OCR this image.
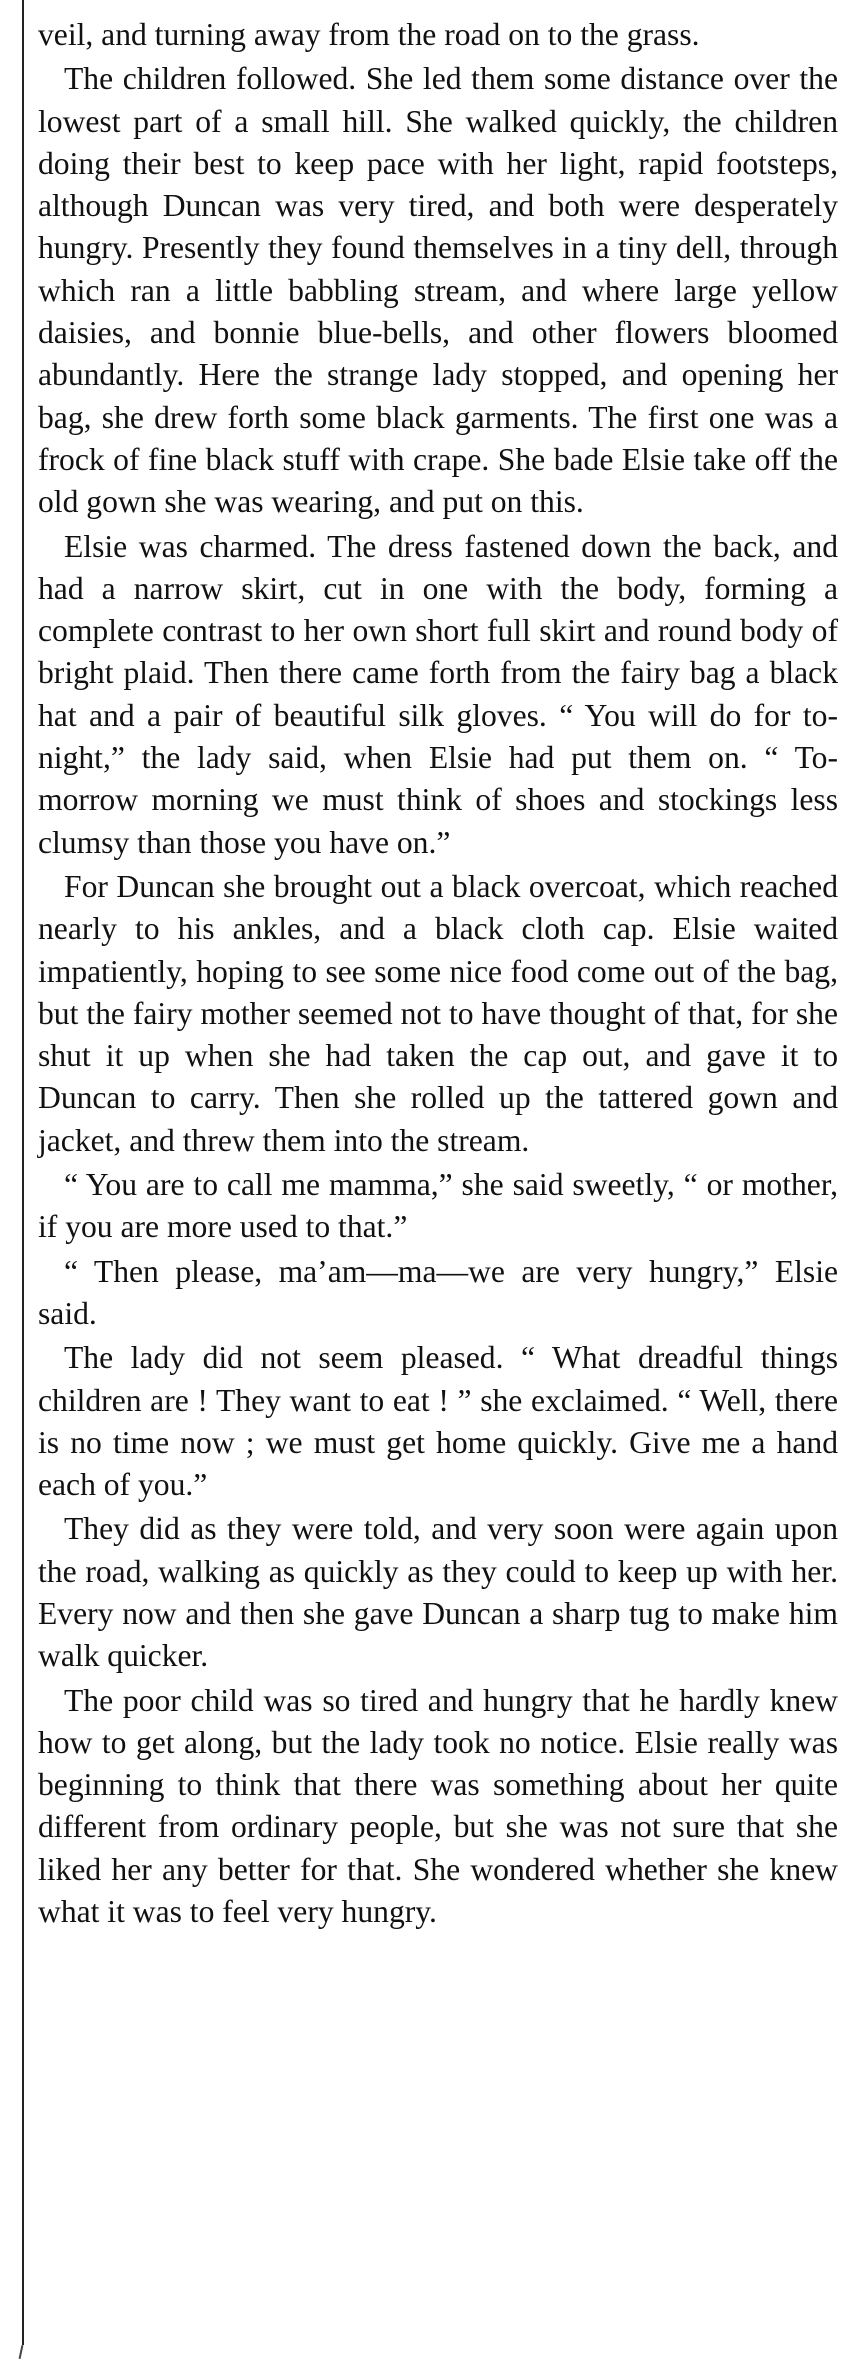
veil, and turning away from the road on to the grass.

The children followed. She led them some distance over the lowest part of a small hill. She walked quickly, the children doing their best to keep pace with her light, rapid footsteps, although Duncan was very tired, and both were desperately hungry. Presently they found themselves in a tiny dell, through which ran a little babbling stream, and where large yellow daisies, and bonnie blue-bells, and other flowers bloomed abundantly. Here the strange lady stopped, and opening her bag, she drew forth some black garments. The first one was a frock of fine black stuff with crape. She bade Elsie take off the old gown she was wearing, and put on this.

Elsie was charmed. The dress fastened down the back, and had a narrow skirt, cut in one with the body, forming a complete contrast to her own short full skirt and round body of bright plaid. Then there came forth from the fairy bag a black hat and a pair of beautiful silk gloves. “ You will do for to-night,” the lady said, when Elsie had put them on. “ To-morrow morning we must think of shoes and stockings less clumsy than those you have on.”

For Duncan she brought out a black overcoat, which reached nearly to his ankles, and a black cloth cap. Elsie waited impatiently, hoping to see some nice food come out of the bag, but the fairy mother seemed not to have thought of that, for she shut it up when she had taken the cap out, and gave it to Duncan to carry. Then she rolled up the tattered gown and jacket, and threw them into the stream.

“ You are to call me mamma,” she said sweetly, “ or mother, if you are more used to that.”

“ Then please, ma’am—ma—we are very hungry,” Elsie said.

The lady did not seem pleased. “ What dreadful things children are ! They want to eat ! ” she exclaimed. “ Well, there is no time now ; we must get home quickly. Give me a hand each of you.”

They did as they were told, and very soon were again upon the road, walking as quickly as they could to keep up with her. Every now and then she gave Duncan a sharp tug to make him walk quicker.

The poor child was so tired and hungry that he hardly knew how to get along, but the lady took no notice. Elsie really was beginning to think that there was something about her quite different from ordinary people, but she was not sure that she liked her any better for that. She wondered whether she knew what it was to feel very hungry.
